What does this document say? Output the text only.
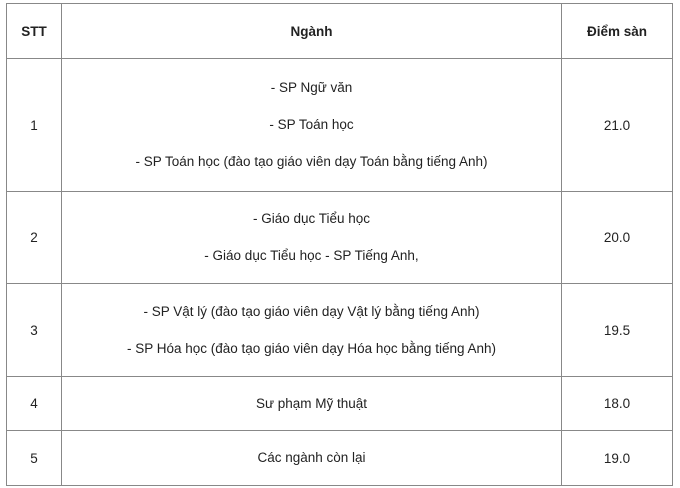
STT	Ngành	Điểm sàn
1	- SP Ngữ văn
- SP Toán học
- SP Toán học (đào tạo giáo viên dạy Toán bằng tiếng Anh)	21.0
2	- Giáo dục Tiểu học
- Giáo dục Tiểu học - SP Tiếng Anh,	20.0
3	- SP Vật lý (đào tạo giáo viên dạy Vật lý bằng tiếng Anh)
- SP Hóa học (đào tạo giáo viên dạy Hóa học bằng tiếng Anh)	19.5
4	Sư phạm Mỹ thuật	18.0
5	Các ngành còn lại	19.0
